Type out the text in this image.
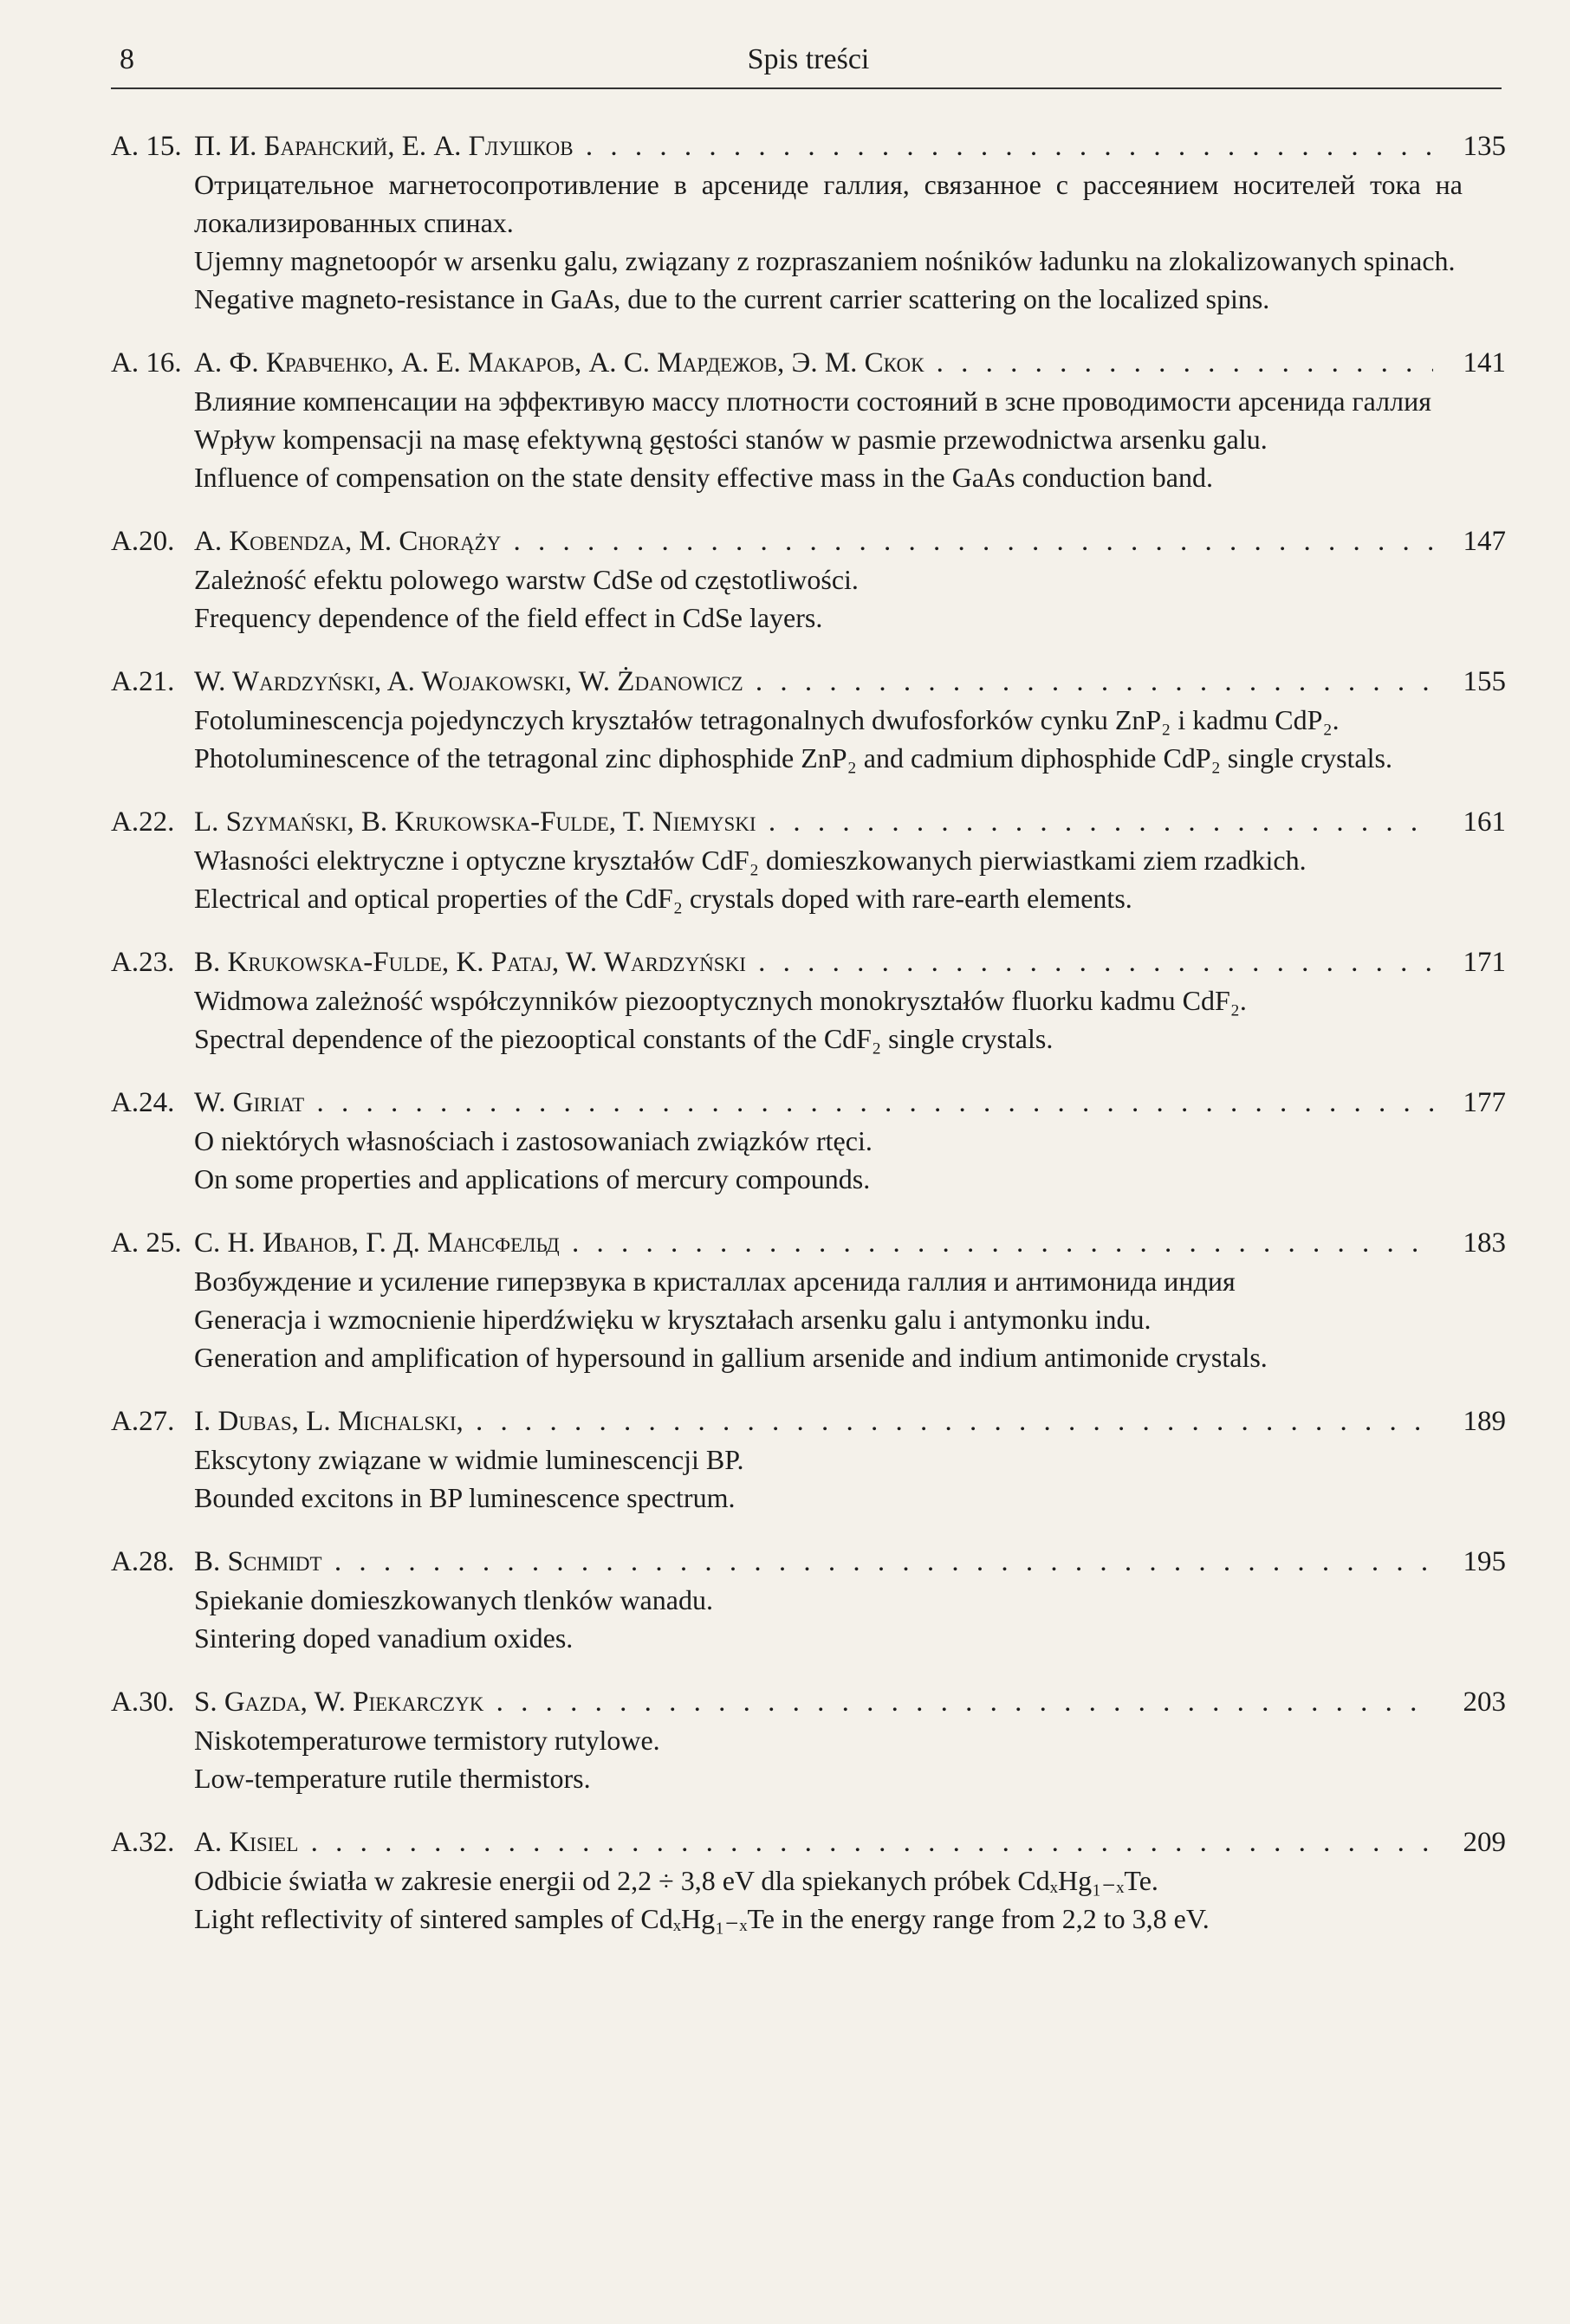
8	Spis treści
A. 15. П. И. Баранский, Е. А. Глушков . . .	135
Отрицательное магнетосопротивление в арсениде галлия, связанное с рассеянием носителей тока на локализированных спинах.
Ujemny magnetoopór w arsenku galu, związany z rozpraszaniem nośników ładunku na zlokalizowanych spinach.
Negative magneto-resistance in GaAs, due to the current carrier scattering on the localized spins.
A. 16. А. Ф. Кравченко, А. Е. Макаров, А. С. Мардежов, Э. М. Скок . . .	141
Влияние компенсации на эффективую массу плотности состояний в зсне проводимости арсенида галлия
Wpływ kompensacji na masę efektywną gęstości stanów w pasmie przewodnictwa arsenku galu.
Influence of compensation on the state density effective mass in the GaAs conduction band.
A.20. A. Kobendza, M. Chorąży . . .	147
Zależność efektu polowego warstw CdSe od częstotliwości.
Frequency dependence of the field effect in CdSe layers.
A.21. W. Wardzyński, A. Wojakowski, W. Żdanowicz . . .	155
Fotoluminescencja pojedynczych kryształów tetragonalnych dwufosforków cynku ZnP₂ i kadmu CdP₂.
Photoluminescence of the tetragonal zinc diphosphide ZnP₂ and cadmium diphosphide CdP₂ single crystals.
A.22. L. Szymański, B. Krukowska-Fulde, T. Niemyski . . .	161
Własności elektryczne i optyczne kryształów CdF₂ domieszkowanych pierwiastkami ziem rzadkich.
Electrical and optical properties of the CdF₂ crystals doped with rare-earth elements.
A.23. B. Krukowska-Fulde, K. Pataj, W. Wardzyński . . .	171
Widmowa zależność współczynników piezooptycznych monokryształów fluorku kadmu CdF₂.
Spectral dependence of the piezooptical constants of the CdF₂ single crystals.
A.24. W. Giriat . . .	177
O niektórych własnościach i zastosowaniach związków rtęci.
On some properties and applications of mercury compounds.
A. 25. С. Н. Иванов, Г. Д. Мансфельд . . .	183
Возбуждение и усиление гиперзвука в кристаллах арсенида галлия и антимонида индия
Generacja i wzmocnienie hiperdźwięku w kryształach arsenku galu i antymonku indu.
Generation and amplification of hypersound in gallium arsenide and indium antimonide crystals.
A.27. I. Dubas, L. Michalski, . . .	189
Ekscytony związane w widmie luminescencji BP.
Bounded excitons in BP luminescence spectrum.
A.28. B. Schmidt . . .	195
Spiekanie domieszkowanych tlenków wanadu.
Sintering doped vanadium oxides.
A.30. S. Gazda, W. Piekarczyk . . .	203
Niskotemperaturowe termistory rutylowe.
Low-temperature rutile thermistors.
A.32. A. Kisiel . . .	209
Odbicie światła w zakresie energii od 2,2 ÷ 3,8 eV dla spiekanych próbek CdₓHg₁₋ₓTe.
Light reflectivity of sintered samples of CdₓHg₁₋ₓTe in the energy range from 2,2 to 3,8 eV.
